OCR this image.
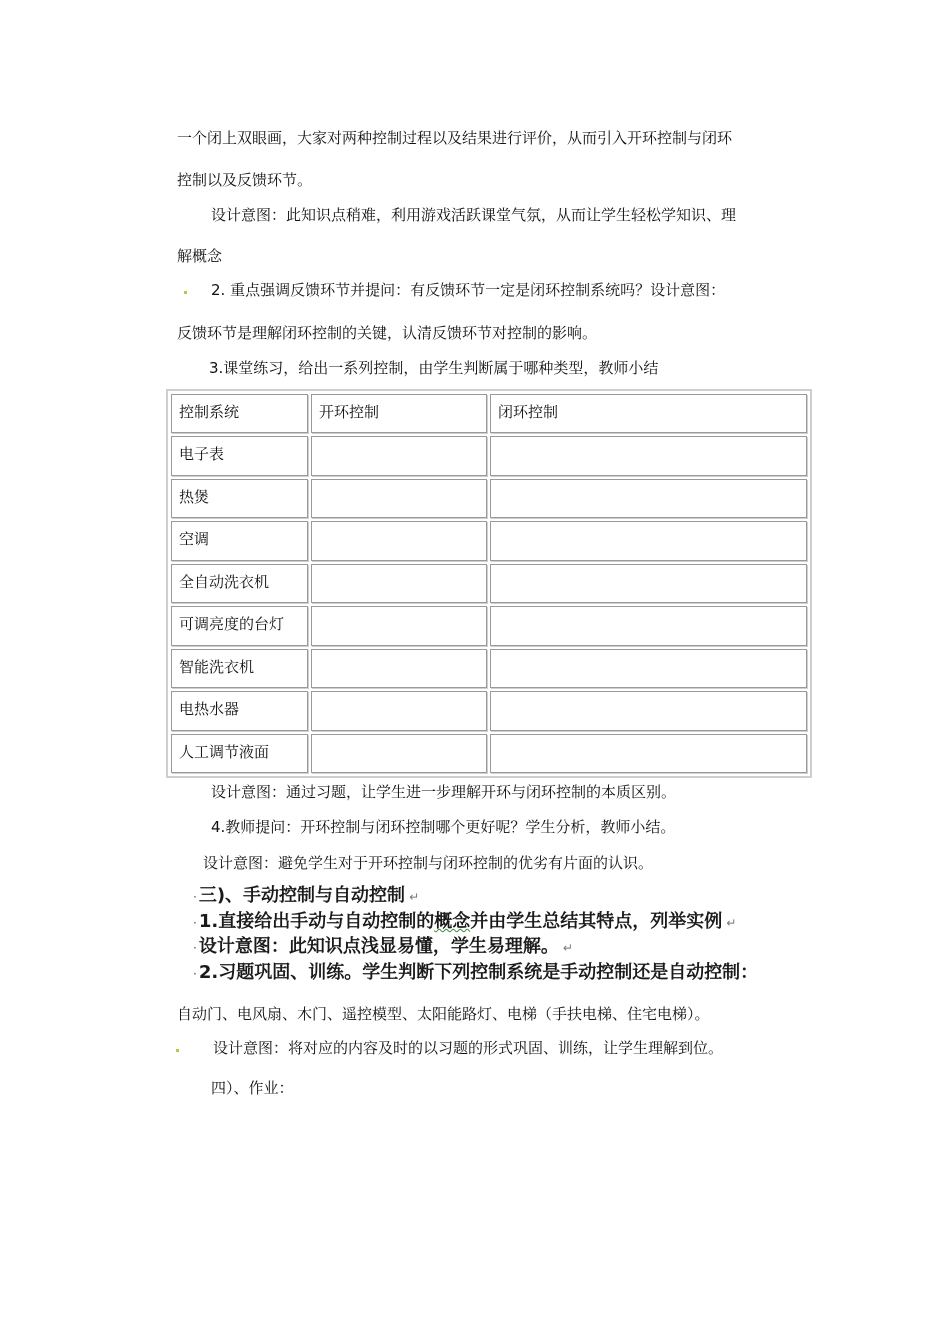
一个闭上双眼画，大家对两种控制过程以及结果进行评价，从而引入开环控制与闭环
控制以及反馈环节。
设计意图：此知识点稍难，利用游戏活跃课堂气氛，从而让学生轻松学知识、理
解概念
2. 重点强调反馈环节并提问：有反馈环节一定是闭环控制系统吗？设计意图：
反馈环节是理解闭环控制的关键，认清反馈环节对控制的影响。
3.课堂练习，给出一系列控制，由学生判断属于哪种类型，教师小结
控制系统	开环控制	闭环控制
电子表		
热煲		
空调		
全自动洗衣机		
可调亮度的台灯		
智能洗衣机		
电热水器		
人工调节液面		
设计意图：通过习题，让学生进一步理解开环与闭环控制的本质区别。
4.教师提问：开环控制与闭环控制哪个更好呢？学生分析，教师小结。
设计意图：避免学生对于开环控制与闭环控制的优劣有片面的认识。
· 三)、手动控制与自动控制 ↵
· 1.直接给出手动与自动控制的概念并由学生总结其特点，列举实例 ↵
· 设计意图：此知识点浅显易懂，学生易理解。 ↵
· 2.习题巩固、训练。学生判断下列控制系统是手动控制还是自动控制：
自动门、电风扇、木门、遥控模型、太阳能路灯、电梯（手扶电梯、住宅电梯）。
设计意图：将对应的内容及时的以习题的形式巩固、训练，让学生理解到位。
四）、作业：
